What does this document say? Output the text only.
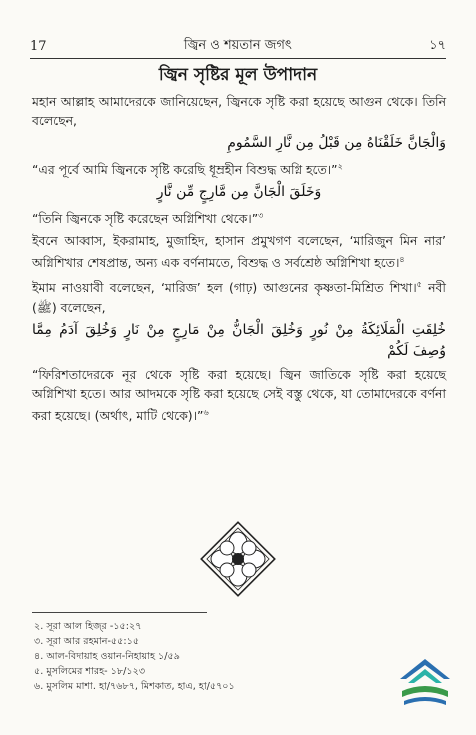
17	জ্বিন ও শয়তান জগৎ	১৭
জ্বিন সৃষ্টির মূল উপাদান

মহান আল্লাহ আমাদেরকে জানিয়েছেন, জ্বিনকে সৃষ্টি করা হয়েছে আগুন থেকে। তিনি বলেছেন,

وَالْجَانَّ خَلَقْنَاهُ مِن قَبْلُ مِن نَّارِ السَّمُومِ

“এর পূর্বে আমি জ্বিনকে সৃষ্টি করেছি ধূম্রহীন বিশুদ্ধ অগ্নি হতে।”$^২$

وَخَلَقَ الْجَانَّ مِن مَّارِجٍ مِّن نَّارٍ

“তিনি জ্বিনকে সৃষ্টি করেছেন অগ্নিশিখা থেকে।”$^৩$

ইবনে আব্বাস, ইকরামাহ, মুজাহিদ, হাসান প্রমুখগণ বলেছেন, ‘মারিজুন মিন নার’ অগ্নিশিখার শেষপ্রান্ত, অন্য এক বর্ণনামতে, বিশুদ্ধ ও সর্বশ্রেষ্ঠ অগ্নিশিখা হতে।$^৪$

ইমাম নাওয়াবী বলেছেন, ‘মারিজ’ হল (গাঢ়) আগুনের কৃষ্ণতা-মিশ্রিত শিখা।$^৫$ নবী (ﷺ) বলেছেন,

خُلِقَتِ الْمَلَائِكَةُ مِنْ نُورٍ وَخُلِقَ الْجَانُّ مِنْ مَارِجٍ مِنْ نَارٍ وَخُلِقَ آدَمُ مِمَّا وُصِفَ لَكُمْ

“ফিরিশতাদেরকে নূর থেকে সৃষ্টি করা হয়েছে। জ্বিন জাতিকে সৃষ্টি করা হয়েছে অগ্নিশিখা হতে। আর আদমকে সৃষ্টি করা হয়েছে সেই বস্তু থেকে, যা তোমাদেরকে বর্ণনা করা হয়েছে। (অর্থাৎ, মাটি থেকে)।”$^৬$

২. সূরা আল হিজ্‌র -১৫:২৭
৩. সূরা আর রহমান-৫৫:১৫
৪. আল-বিদায়াহ ওয়ান-নিহায়াহ ১/৫৯
৫. মুসলিমের শারহ- ১৮/১২৩
৬. মুসলিম মাশা. হা/৭৬৮৭, মিশকাত, হাএ, হা/৫৭০১
